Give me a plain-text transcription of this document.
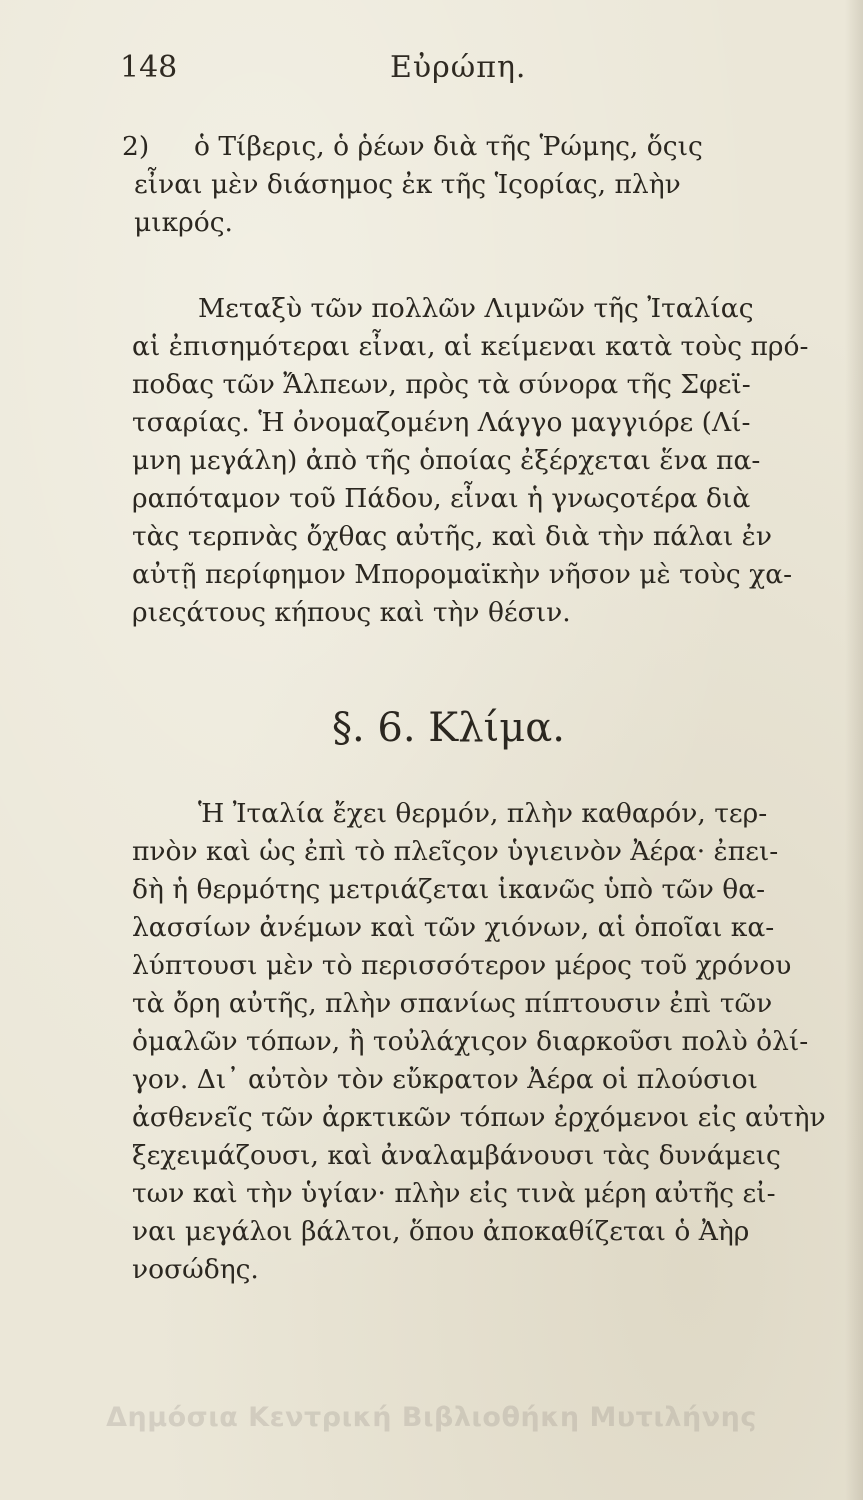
148	Εὐρώπη.
2) ὁ Τίβερις, ὁ ῥέων διὰ τῆς Ῥώμης, ὅςις
εἶναι μὲν διάσημος ἐκ τῆς Ἱςορίας, πλὴν
μικρός.
Μεταξὺ τῶν πολλῶν Λιμνῶν τῆς Ἰταλίας
αἱ ἐπισημότεραι εἶναι, αἱ κείμεναι κατὰ τοὺς πρό-
ποδας τῶν Ἄλπεων, πρὸς τὰ σύνορα τῆς Σφεϊ-
τσαρίας. Ἡ ὀνομαζομένη Λάγγο μαγγιόρε (Λί-
μνη μεγάλη) ἀπὸ τῆς ὁποίας ἐξέρχεται ἕνα πα-
ραπόταμον τοῦ Πάδου, εἶναι ἡ γνωςοτέρα διὰ
τὰς τερπνὰς ὄχθας αὐτῆς, καὶ διὰ τὴν πάλαι ἐν
αὐτῇ περίφημον Μπορομαϊκὴν νῆσον μὲ τοὺς χα-
ριεςάτους κήπους καὶ τὴν θέσιν.
§. 6. Κλίμα.
Ἡ Ἰταλία ἔχει θερμόν, πλὴν καθαρόν, τερ-
πνὸν καὶ ὡς ἐπὶ τὸ πλεῖςον ὑγιεινὸν Ἀέρα· ἐπει-
δὴ ἡ θερμότης μετριάζεται ἱκανῶς ὑπὸ τῶν θα-
λασσίων ἀνέμων καὶ τῶν χιόνων, αἱ ὁποῖαι κα-
λύπτουσι μὲν τὸ περισσότερον μέρος τοῦ χρόνου
τὰ ὄρη αὐτῆς, πλὴν σπανίως πίπτουσιν ἐπὶ τῶν
ὁμαλῶν τόπων, ἢ τοὐλάχιςον διαρκοῦσι πολὺ ὀλί-
γον. Δι᾽ αὐτὸν τὸν εὔκρατον Ἀέρα οἱ πλούσιοι
ἀσθενεῖς τῶν ἀρκτικῶν τόπων ἐρχόμενοι εἰς αὐτὴν
ξεχειμάζουσι, καὶ ἀναλαμβάνουσι τὰς δυνάμεις
των καὶ τὴν ὑγίαν· πλὴν εἰς τινὰ μέρη αὐτῆς εἰ-
ναι μεγάλοι βάλτοι, ὅπου ἀποκαθίζεται ὁ Ἀὴρ
νοσώδης.
Δημόσια Κεντρική Βιβλιοθήκη Μυτιλήνης
